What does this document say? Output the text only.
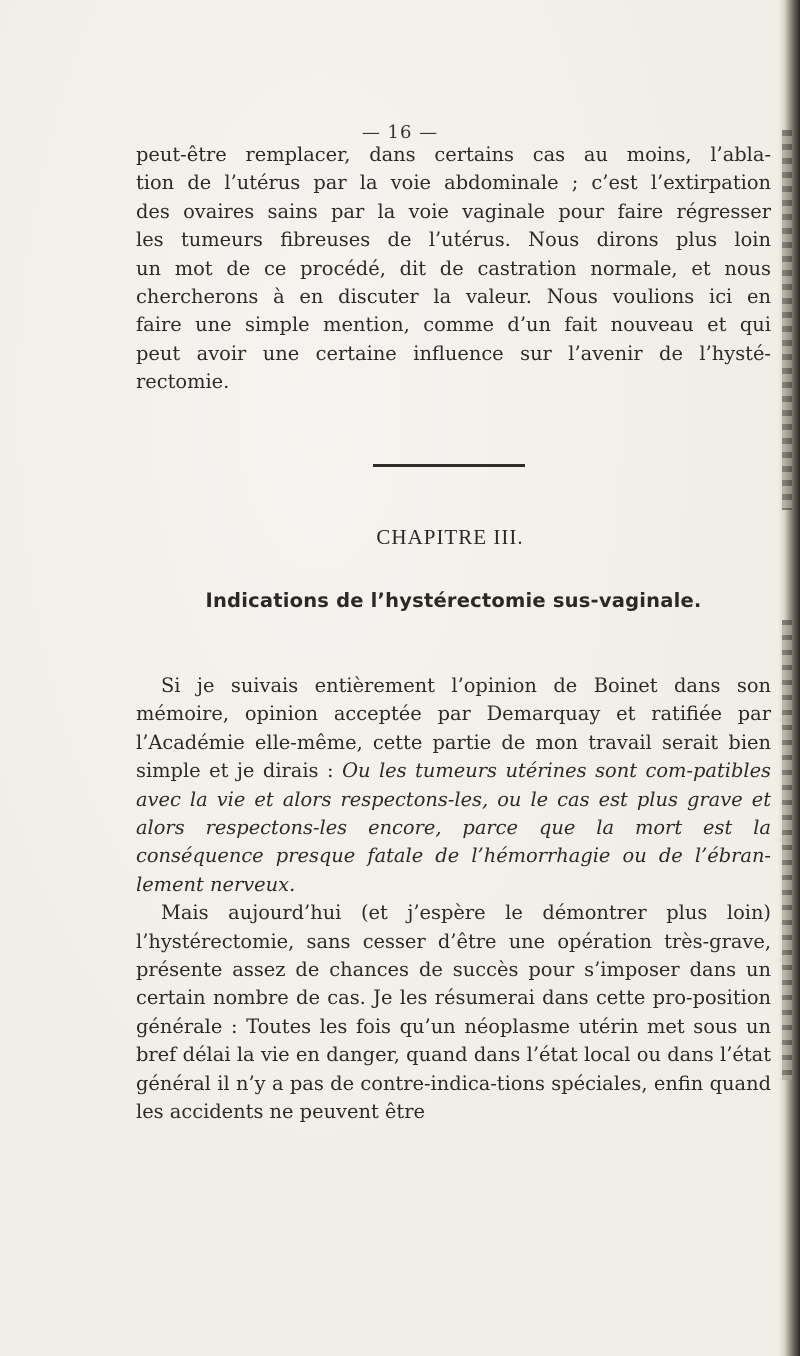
— 16 —

peut-être remplacer, dans certains cas au moins, l’abla-
tion de l’utérus par la voie abdominale ; c’est l’extirpation
des ovaires sains par la voie vaginale pour faire régresser
les tumeurs fibreuses de l’utérus. Nous dirons plus loin
un mot de ce procédé, dit de castration normale, et nous
chercherons à en discuter la valeur. Nous voulions ici en
faire une simple mention, comme d’un fait nouveau et qui
peut avoir une certaine influence sur l’avenir de l’hysté-
rectomie.

CHAPITRE III.
Indications de l’hystérectomie sus-vaginale.

Si je suivais entièrement l’opinion de Boinet dans son mémoire, opinion acceptée par Demarquay et ratifiée par l’Académie elle-même, cette partie de mon travail serait bien simple et je dirais : Ou les tumeurs utérines sont com-patibles avec la vie et alors respectons-les, ou le cas est plus grave et alors respectons-les encore, parce que la mort est la conséquence presque fatale de l’hémorrhagie ou de l’ébran-lement nerveux.

Mais aujourd’hui (et j’espère le démontrer plus loin) l’hystérectomie, sans cesser d’être une opération très-grave, présente assez de chances de succès pour s’imposer dans un certain nombre de cas. Je les résumerai dans cette pro-position générale : Toutes les fois qu’un néoplasme utérin met sous un bref délai la vie en danger, quand dans l’état local ou dans l’état général il n’y a pas de contre-indica-tions spéciales, enfin quand les accidents ne peuvent être
